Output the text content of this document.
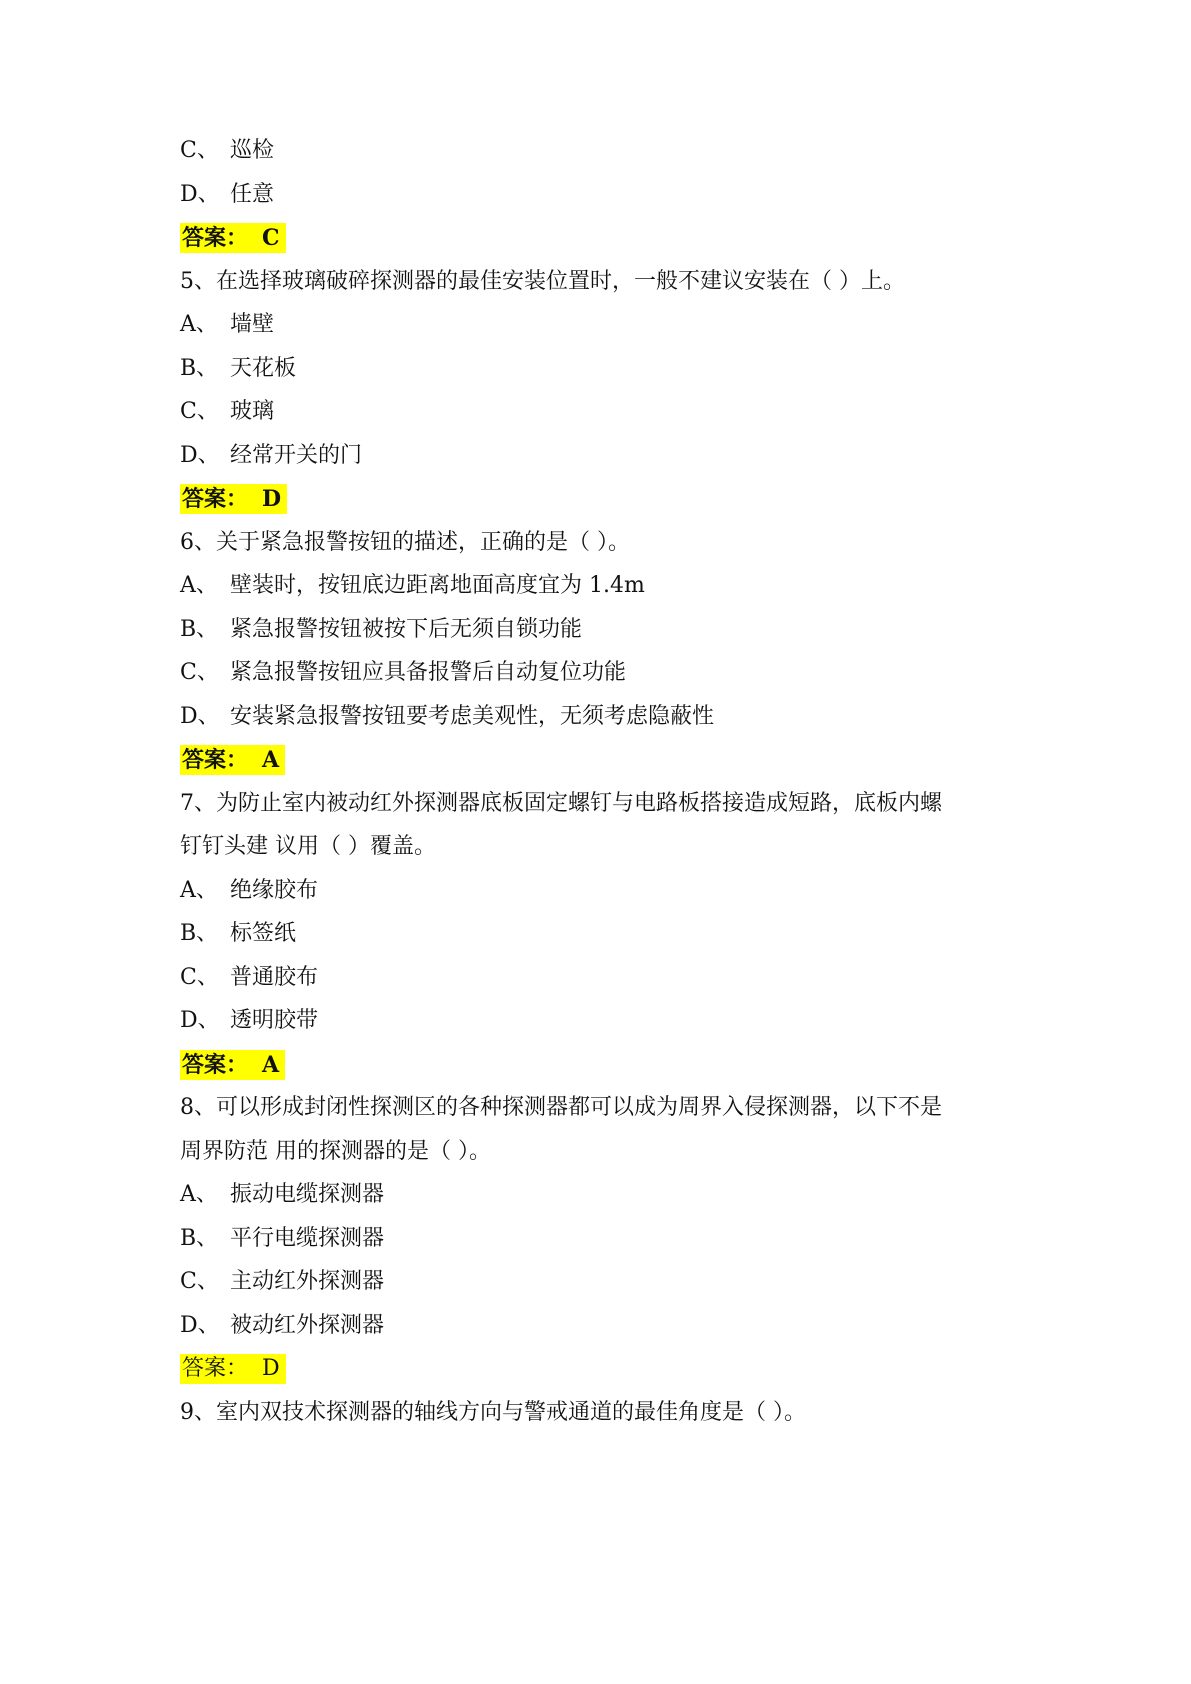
C、 巡检
D、 任意
答案： C
5、在选择玻璃破碎探测器的最佳安装位置时，一般不建议安装在（ ）上。
A、 墙壁
B、 天花板
C、 玻璃
D、 经常开关的门
答案： D
6、关于紧急报警按钮的描述，正确的是（ ）。
A、 壁装时，按钮底边距离地面高度宜为 1.4m
B、 紧急报警按钮被按下后无须自锁功能
C、 紧急报警按钮应具备报警后自动复位功能
D、 安装紧急报警按钮要考虑美观性，无须考虑隐蔽性
答案： A
7、为防止室内被动红外探测器底板固定螺钉与电路板搭接造成短路，底板内螺
钉钉头建 议用（ ）覆盖。
A、 绝缘胶布
B、 标签纸
C、 普通胶布
D、 透明胶带
答案： A
8、可以形成封闭性探测区的各种探测器都可以成为周界入侵探测器，以下不是
周界防范 用的探测器的是（ ）。
A、 振动电缆探测器
B、 平行电缆探测器
C、 主动红外探测器
D、 被动红外探测器
答案： D
9、室内双技术探测器的轴线方向与警戒通道的最佳角度是（ ）。
